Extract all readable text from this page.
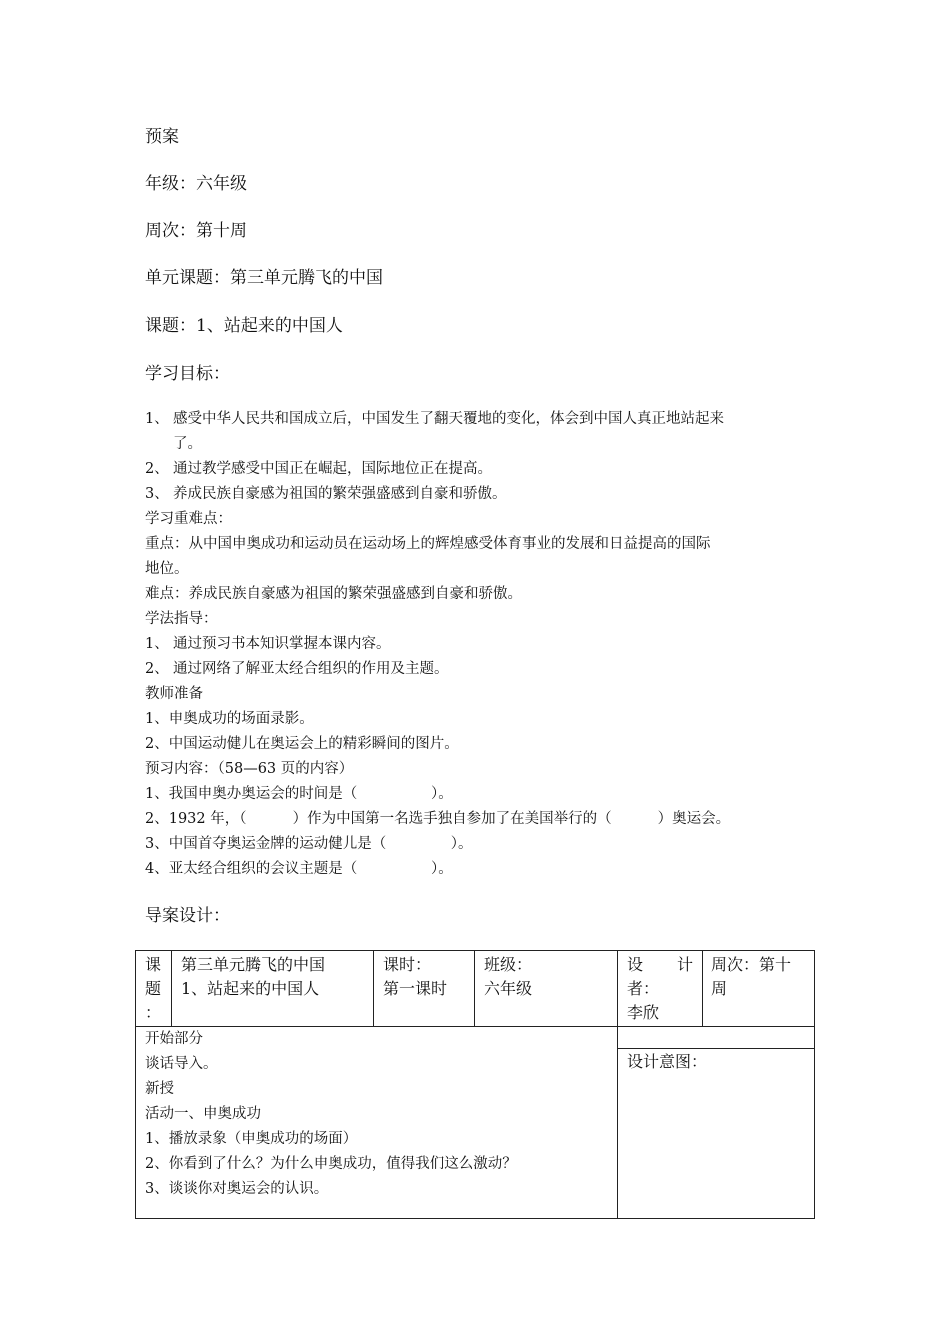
预案
年级：六年级
周次：第十周
单元课题：第三单元腾飞的中国
课题：1、站起来的中国人
学习目标：
1、 感受中华人民共和国成立后，中国发生了翻天覆地的变化，体会到中国人真正地站起来
了。
2、 通过教学感受中国正在崛起，国际地位正在提高。
3、 养成民族自豪感为祖国的繁荣强盛感到自豪和骄傲。
学习重难点：
重点：从中国申奥成功和运动员在运动场上的辉煌感受体育事业的发展和日益提高的国际
地位。
难点：养成民族自豪感为祖国的繁荣强盛感到自豪和骄傲。
学法指导：
1、 通过预习书本知识掌握本课内容。
2、 通过网络了解亚太经合组织的作用及主题。
教师准备
1、申奥成功的场面录影。
2、中国运动健儿在奥运会上的精彩瞬间的图片。
预习内容：（58—63 页的内容）
1、我国申奥办奥运会的时间是（                ）。
2、1932 年，（          ）作为中国第一名选手独自参加了在美国举行的（          ）奥运会。
3、中国首夺奥运金牌的运动健儿是（              ）。
4、亚太经合组织的会议主题是（                ）。
导案设计：
课
题
：
第三单元腾飞的中国
1、站起来的中国人
课时：
第一课时
班级：
六年级
设 计
者：
李欣
周次：第十
周
设计意图：
开始部分
谈话导入。
新授
活动一、申奥成功
1、播放录象（申奥成功的场面）
2、你看到了什么？为什么申奥成功，值得我们这么激动？
3、谈谈你对奥运会的认识。
